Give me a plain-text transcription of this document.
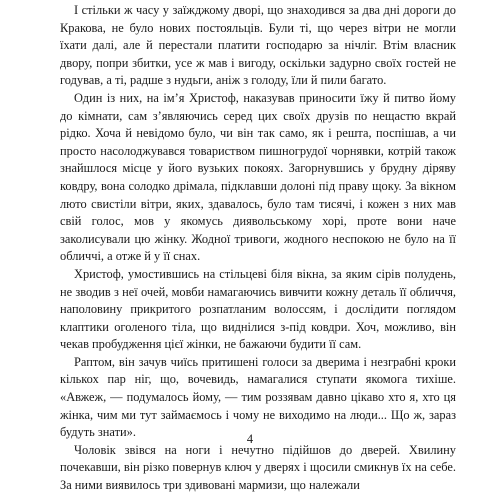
І стільки ж часу у заїжджому дворі, що знаходився за два дні дороги до Кракова, не було нових постояльців. Були ті, що через вітри не могли їхати далі, але й перестали платити господарю за нічліг. Втім власник двору, попри збитки, усе ж мав і вигоду, оскільки задурно своїх гостей не годував, а ті, радше з нудьги, аніж з голоду, їли й пили багато.

Один із них, на ім’я Христоф, наказував приносити їжу й питво йому до кімнати, сам з’являючись серед цих своїх друзів по нещастю вкрай рідко. Хоча й невідомо було, чи він так само, як і решта, поспішав, а чи просто насолоджувався товариством пишногрудої чорнявки, котрій також знайшлося місце у його вузьких покоях. Загорнувшись у брудну діряву ковдру, вона солодко дрімала, підклавши долоні під праву щоку. За вікном люто свистіли вітри, яких, здавалось, було там тисячі, і кожен з них мав свій голос, мов у якомусь диявольському хорі, проте вони наче заколисували цю жінку. Жодної тривоги, жодного неспокою не було на її обличчі, а отже й у її снах.

Христоф, умостившись на стільцеві біля вікна, за яким сірів полудень, не зводив з неї очей, мовби намагаючись вивчити кожну деталь її обличчя, наполовину прикритого розпатланим волоссям, і дослідити поглядом клаптики оголеного тіла, що виднілися з-під ковдри. Хоч, можливо, він чекав пробудження цієї жінки, не бажаючи будити її сам.

Раптом, він зачув чиїсь притишені голоси за дверима і незграбні кроки кількох пар ніг, що, вочевидь, намагалися ступати якомога тихіше. «Авжеж, — подумалось йому, — тим роззявам давно цікаво хто я, хто ця жінка, чим ми тут займаємось і чому не виходимо на люди... Що ж, зараз будуть знати».

Чоловік звівся на ноги і нечутно підійшов до дверей. Хвилину почекавши, він різко повернув ключ у дверях і щосили смикнув їх на себе. За ними виявилось три здивовані мармизи, що належали

4
